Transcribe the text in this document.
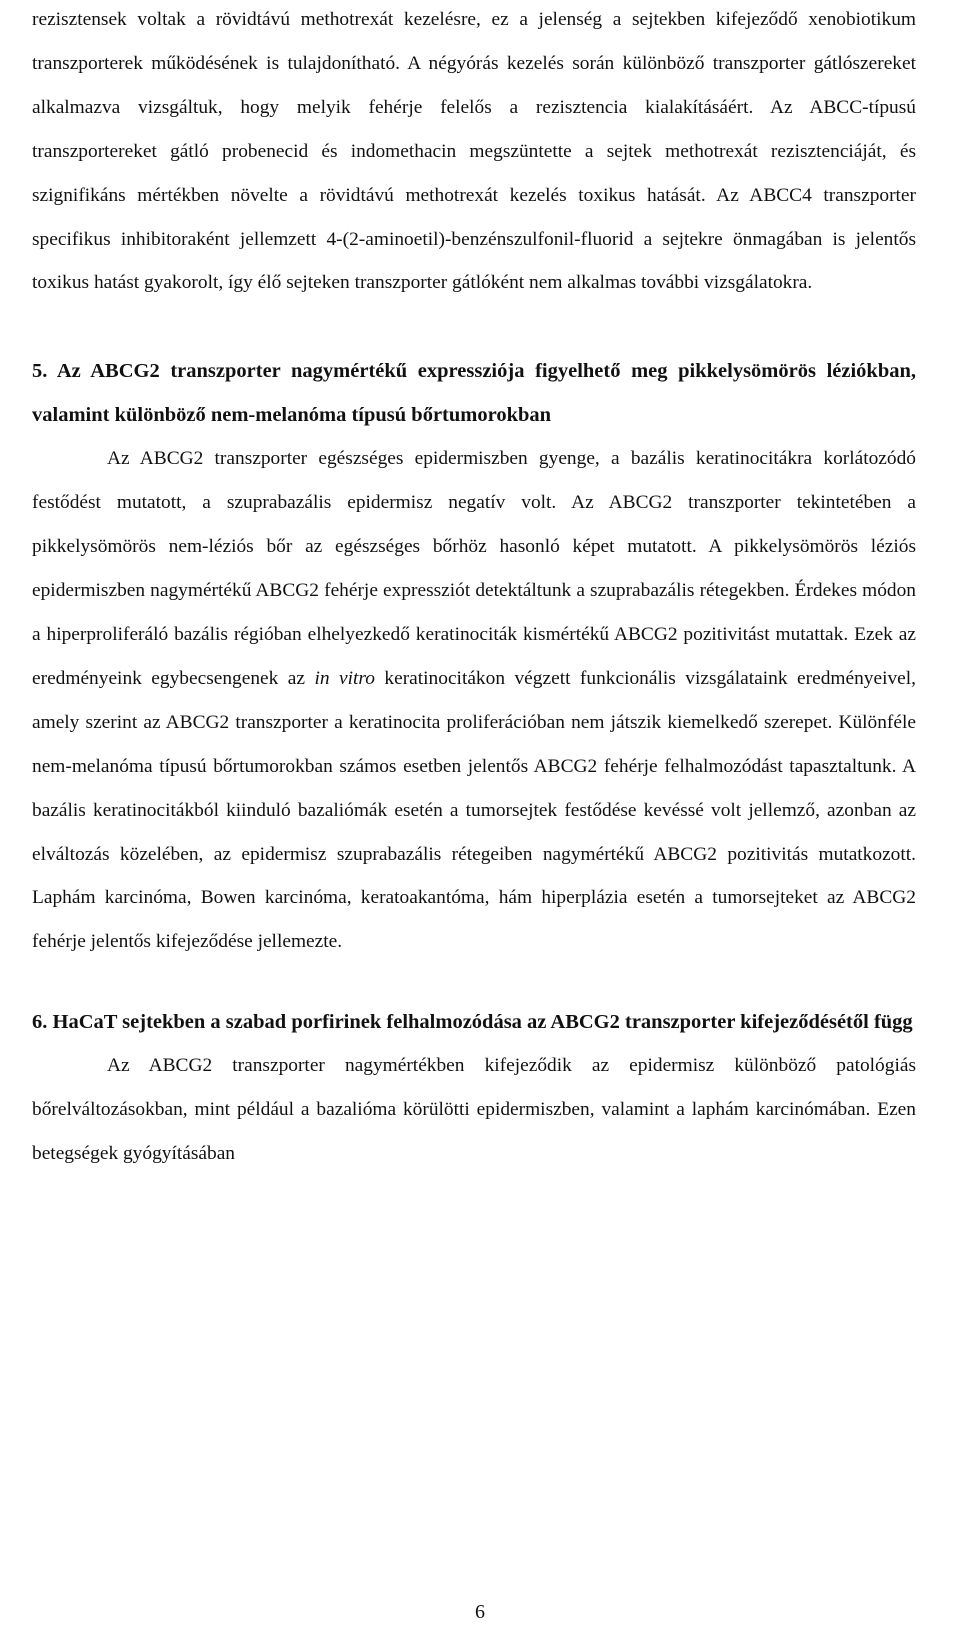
rezisztensek voltak a rövidtávú methotrexát kezelésre, ez a jelenség a sejtekben kifejeződő xenobiotikum transzporterek működésének is tulajdonítható. A négyórás kezelés során különböző transzporter gátlószereket alkalmazva vizsgáltuk, hogy melyik fehérje felelős a rezisztencia kialakításáért. Az ABCC-típusú transzportereket gátló probenecid és indomethacin megszüntette a sejtek methotrexát rezisztenciáját, és szignifikáns mértékben növelte a rövidtávú methotrexát kezelés toxikus hatását. Az ABCC4 transzporter specifikus inhibitoraként jellemzett 4-(2-aminoetil)-benzénszulfonil-fluorid a sejtekre önmagában is jelentős toxikus hatást gyakorolt, így élő sejteken transzporter gátlóként nem alkalmas további vizsgálatokra.

5. Az ABCG2 transzporter nagymértékű expressziója figyelhető meg pikkelysömörös léziókban, valamint különböző nem-melanóma típusú bőrtumorokban

Az ABCG2 transzporter egészséges epidermiszben gyenge, a bazális keratinocitákra korlátozódó festődést mutatott, a szuprabazális epidermisz negatív volt. Az ABCG2 transzporter tekintetében a pikkelysömörös nem-léziós bőr az egészséges bőrhöz hasonló képet mutatott. A pikkelysömörös léziós epidermiszben nagymértékű ABCG2 fehérje expressziót detektáltunk a szuprabazális rétegekben. Érdekes módon a hiperproliferáló bazális régióban elhelyezkedő keratinociták kismértékű ABCG2 pozitivitást mutattak. Ezek az eredményeink egybecsengenek az in vitro keratinocitákon végzett funkcionális vizsgálataink eredményeivel, amely szerint az ABCG2 transzporter a keratinocita proliferációban nem játszik kiemelkedő szerepet. Különféle nem-melanóma típusú bőrtumorokban számos esetben jelentős ABCG2 fehérje felhalmozódást tapasztaltunk. A bazális keratinocitákból kiinduló bazaliómák esetén a tumorsejtek festődése kevéssé volt jellemző, azonban az elváltozás közelében, az epidermisz szuprabazális rétegeiben nagymértékű ABCG2 pozitivitás mutatkozott. Laphám karcinóma, Bowen karcinóma, keratoakantóma, hám hiperplázia esetén a tumorsejteket az ABCG2 fehérje jelentős kifejeződése jellemezte.

6. HaCaT sejtekben a szabad porfirinek felhalmozódása az ABCG2 transzporter kifejeződésétől függ

Az ABCG2 transzporter nagymértékben kifejeződik az epidermisz különböző patológiás bőrelváltozásokban, mint például a bazalióma körülötti epidermiszben, valamint a laphám karcinómában. Ezen betegségek gyógyításában

6
